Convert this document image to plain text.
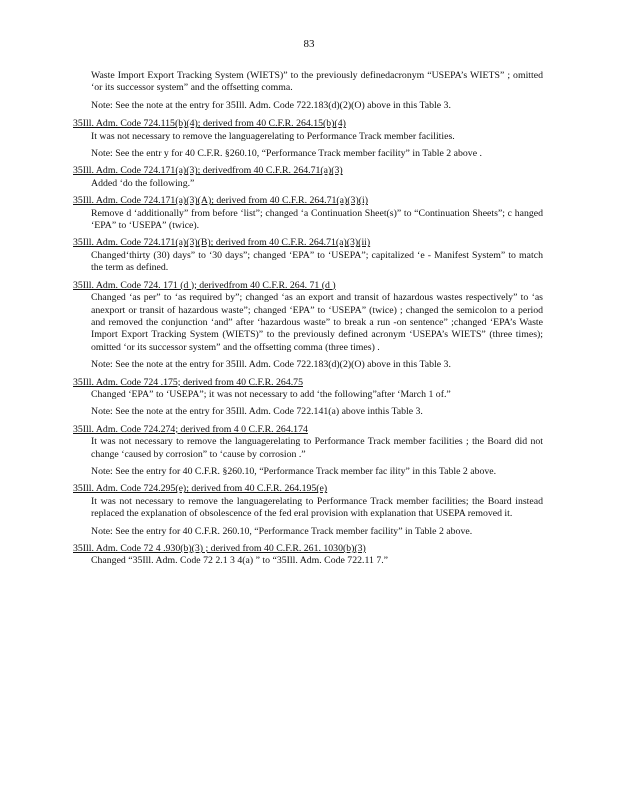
83

Waste Import Export Tracking System (WIETS)” to the previously definedacronym “USEPA’s WIETS” ; omitted ‘or its successor system” and the offsetting comma.

Note: See the note at the entry for 35Ill. Adm. Code 722.183(d)(2)(O) above in this Table 3.

35Ill. Adm. Code 724.115(b)(4); derived from 40 C.F.R. 264.15(b)(4)

It was not necessary to remove the languagerelating to Performance Track member facilities.

Note: See the entr y for 40 C.F.R. §260.10, “Performance Track member facility” in Table 2 above .

35Ill. Adm. Code 724.171(a)(3); derivedfrom 40 C.F.R. 264.71(a)(3)

Added ‘do the following.”

35Ill. Adm. Code 724.171(a)(3)(A); derived from 40 C.F.R. 264.71(a)(3)(i)

Remove d ‘additionally” from before ‘list”; changed ‘a Continuation Sheet(s)” to “Continuation Sheets”; c hanged ‘EPA” to ‘USEPA” (twice).

35Ill. Adm. Code 724.171(a)(3)(B); derived from 40 C.F.R. 264.71(a)(3)(ii)

Changed‘thirty (30) days” to ‘30 days”; changed ‘EPA” to ‘USEPA”; capitalized ‘e - Manifest System” to match the term as defined.

35Ill. Adm. Code 724. 171 (d ); derivedfrom 40 C.F.R. 264. 71 (d )

Changed ‘as per” to ‘as required by”; changed ‘as an export and transit of hazardous wastes respectively” to ‘as anexport or transit of hazardous waste”; changed ‘EPA” to ‘USEPA” (twice) ; changed the semicolon to a period and removed the conjunction ‘and” after ‘hazardous waste” to break a run -on sentence” ;changed ‘EPA’s Waste Import Export Tracking System (WIETS)” to the previously defined acronym ‘USEPA’s WIETS” (three times); omitted ‘or its successor system” and the offsetting comma (three times) .

Note: See the note at the entry for 35Ill. Adm. Code 722.183(d)(2)(O) above in this Table 3.

35Ill. Adm. Code 724 .175; derived from 40 C.F.R. 264.75

Changed ‘EPA” to ‘USEPA”; it was not necessary to add ‘the following”after ‘March 1 of.”

Note: See the note at the entry for 35Ill. Adm. Code 722.141(a) above inthis Table 3.

35Ill. Adm. Code 724.274; derived from 4 0 C.F.R. 264.174

It was not necessary to remove the languagerelating to Performance Track member facilities ; the Board did not change ‘caused by corrosion” to ‘cause by corrosion .”

Note: See the entry for 40 C.F.R. §260.10, “Performance Track member fac ility” in this Table 2 above.

35Ill. Adm. Code 724.295(e); derived from 40 C.F.R. 264.195(e)

It was not necessary to remove the languagerelating to Performance Track member facilities; the Board instead replaced the explanation of obsolescence of the fed eral provision with explanation that USEPA removed it.

Note: See the entry for 40 C.F.R. 260.10, “Performance Track member facility” in Table 2 above.

35Ill. Adm. Code 72 4 .930(b)(3) ; derived from 40 C.F.R. 261. 1030(b)(3)

Changed “35Ill. Adm. Code 72 2.1 3 4(a) ” to “35Ill. Adm. Code 722.11 7.”
